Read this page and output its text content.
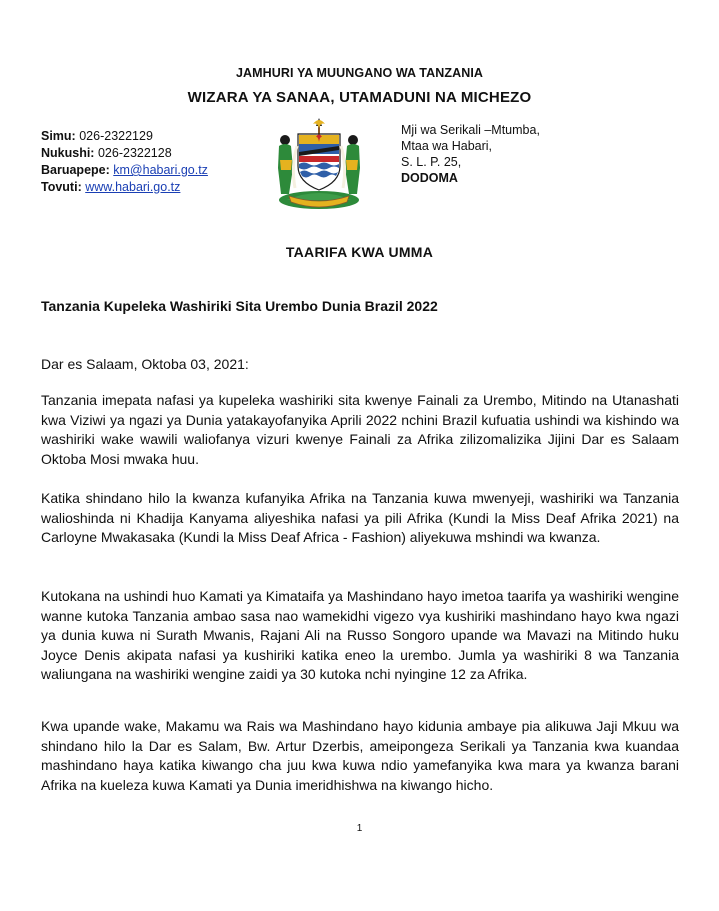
JAMHURI YA MUUNGANO WA TANZANIA
WIZARA YA SANAA, UTAMADUNI NA MICHEZO
Simu: 026-2322129
Nukushi: 026-2322128
Baruapepe: km@habari.go.tz
Tovuti: www.habari.go.tz
Mji wa Serikali –Mtumba,
Mtaa wa Habari,
S. L. P. 25,
DODOMA
TAARIFA KWA UMMA
Tanzania Kupeleka Washiriki Sita Urembo Dunia Brazil 2022
Dar es Salaam, Oktoba 03, 2021:

Tanzania imepata nafasi ya kupeleka washiriki sita kwenye Fainali za Urembo, Mitindo na Utanashati kwa Viziwi ya ngazi ya Dunia yatakayofanyika Aprili 2022 nchini Brazil kufuatia ushindi wa kishindo wa washiriki wake wawili waliofanya vizuri kwenye Fainali za Afrika zilizomalizika Jijini Dar es Salaam Oktoba Mosi mwaka huu.

Katika shindano hilo la kwanza kufanyika Afrika na Tanzania kuwa mwenyeji, washiriki wa Tanzania walioshinda ni Khadija Kanyama aliyeshika nafasi ya pili Afrika (Kundi la Miss Deaf Afrika 2021) na Carloyne Mwakasaka (Kundi la Miss Deaf Africa - Fashion) aliyekuwa mshindi wa kwanza.

Kutokana na ushindi huo Kamati ya Kimataifa ya Mashindano hayo imetoa taarifa ya washiriki wengine wanne kutoka Tanzania ambao sasa nao wamekidhi vigezo vya kushiriki mashindano hayo kwa ngazi ya dunia kuwa ni Surath Mwanis, Rajani Ali na Russo Songoro upande wa Mavazi na Mitindo huku Joyce Denis akipata nafasi ya kushiriki katika eneo la urembo. Jumla ya washiriki 8 wa Tanzania waliungana na washiriki wengine zaidi ya 30 kutoka nchi nyingine 12 za Afrika.

Kwa upande wake, Makamu wa Rais wa Mashindano hayo kidunia ambaye pia alikuwa Jaji Mkuu wa shindano hilo la Dar es Salam, Bw. Artur Dzerbis, ameipongeza Serikali ya Tanzania kwa kuandaa mashindano haya katika kiwango cha juu kwa kuwa ndio yamefanyika kwa mara ya kwanza barani Afrika na kueleza kuwa Kamati ya Dunia imeridhishwa na kiwango hicho.

1
